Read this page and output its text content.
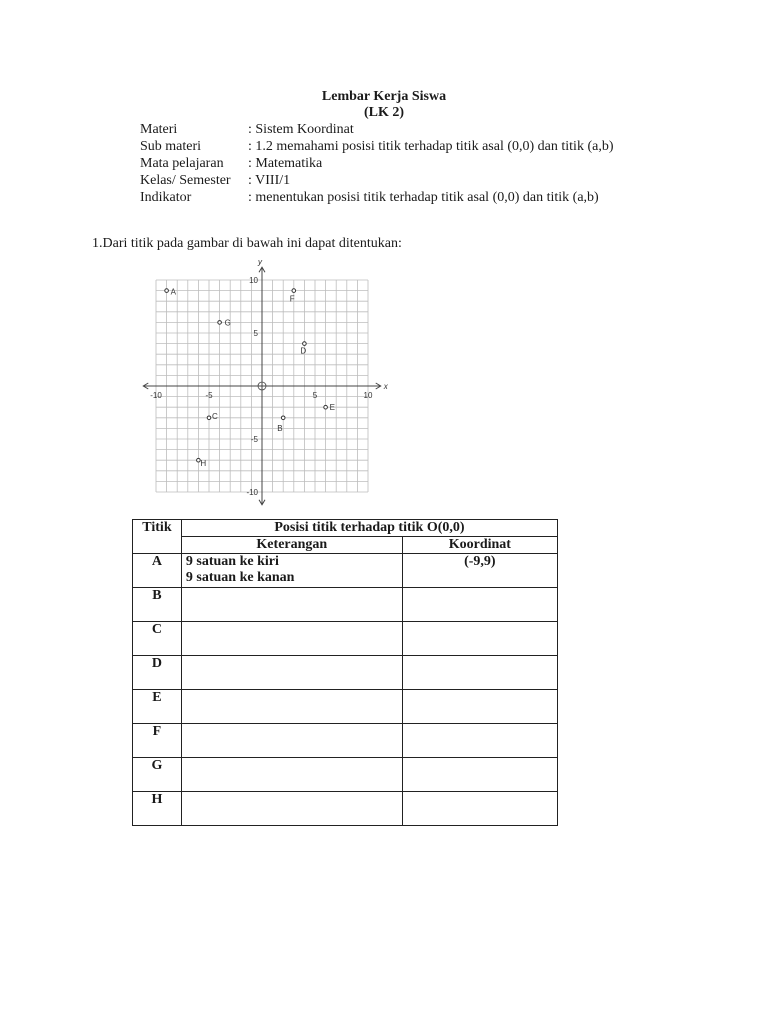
Lembar Kerja Siswa
(LK 2)
Materi	: Sistem Koordinat
Sub materi	: 1.2 memahami posisi titik terhadap titik asal (0,0) dan titik (a,b)
Mata pelajaran : Matematika
Kelas/ Semester : VIII/1
Indikator	: menentukan posisi titik terhadap titik asal (0,0) dan titik (a,b)
1.Dari titik pada gambar di bawah ini dapat ditentukan:
x
y
-10	-5	5	10
10
5
-5
-10
A
B
C
D
E
F
G
H
Titik	Posisi titik terhadap titik O(0,0)	
	Keterangan	Koordinat
A	9 satuan ke kiri
9 satuan ke kanan	(-9,9)
B	

C	

D	

E	

F	

G	

H	
